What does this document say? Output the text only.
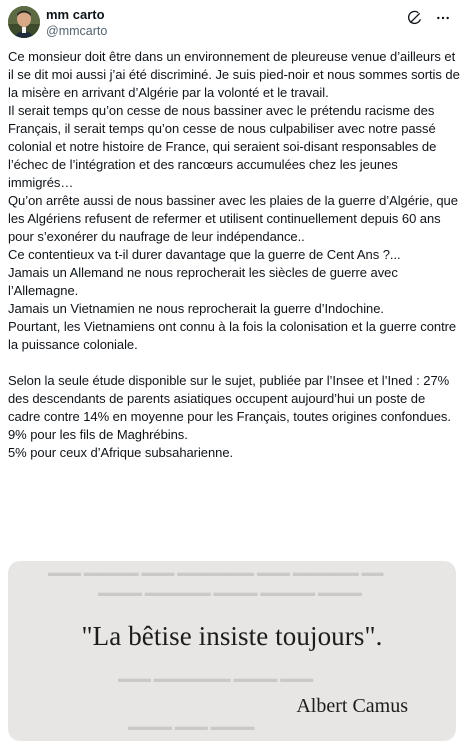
mm carto
@mmcarto

Ce monsieur doit être dans un environnement de pleureuse venue d’ailleurs et il se dit moi aussi j’ai été discriminé. Je suis pied-noir et nous sommes sortis de la misère en arrivant d’Algérie par la volonté et le travail.

Il serait temps qu’on cesse de nous bassiner avec le prétendu racisme des Français, il serait temps qu’on cesse de nous culpabiliser avec notre passé colonial et notre histoire de France, qui seraient soi-disant responsables de l’échec de l’intégration et des rancœurs accumulées chez les jeunes immigrés…

Qu’on arrête aussi de nous bassiner avec les plaies de la guerre d’Algérie, que les Algériens refusent de refermer et utilisent continuellement depuis 60 ans pour s’exonérer du naufrage de leur indépendance..

Ce contentieux va t-il durer davantage que la guerre de Cent Ans ?...

Jamais un Allemand ne nous reprocherait les siècles de guerre avec l’Allemagne.

Jamais un Vietnamien ne nous reprocherait la guerre d’Indochine.

Pourtant, les Vietnamiens ont connu à la fois la colonisation et la guerre contre la puissance coloniale.

Selon la seule étude disponible sur le sujet, publiée par l’Insee et l’Ined : 27% des descendants de parents asiatiques occupent aujourd’hui un poste de cadre contre 14% en moyenne pour les Français, toutes origines confondues.

9% pour les fils de Maghrébins.

5% pour ceux d’Afrique subsaharienne.

▬▬▬ ▬▬▬▬▬ ▬▬▬ ▬▬▬▬▬▬▬ ▬▬▬ ▬▬▬▬▬▬ ▬▬
▬▬▬▬ ▬▬▬▬▬▬ ▬▬▬▬ ▬▬▬▬▬ ▬▬▬▬
▬▬▬ ▬▬▬▬▬▬▬ ▬▬▬▬ ▬▬▬
▬▬▬▬ ▬▬▬ ▬▬▬▬
"La bêtise insiste toujours".
Albert Camus
